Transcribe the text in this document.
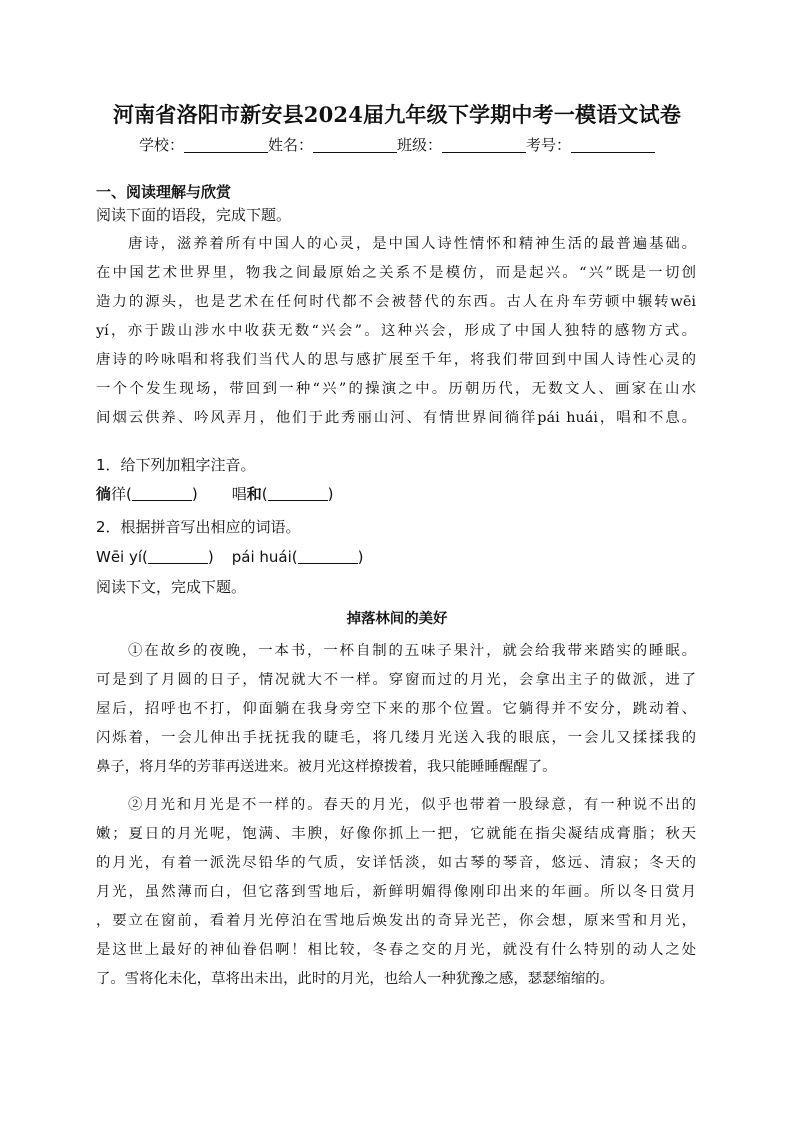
河南省洛阳市新安县2024届九年级下学期中考一模语文试卷
学校：	姓名：	班级：	考号：
一、阅读理解与欣赏
阅读下面的语段，完成下题。
唐诗，滋养着所有中国人的心灵，是中国人诗性情怀和精神生活的最普遍基础。
在中国艺术世界里，物我之间最原始之关系不是模仿，而是起兴。“兴”既是一切创
造力的源头，也是艺术在任何时代都不会被替代的东西。古人在舟车劳顿中辗转wēi
yí，亦于跋山涉水中收获无数“兴会”。这种兴会，形成了中国人独特的感物方式。
唐诗的吟咏唱和将我们当代人的思与感扩展至千年，将我们带回到中国人诗性心灵的
一个个发生现场，带回到一种“兴”的操演之中。历朝历代，无数文人、画家在山水
间烟云供养、吟风弄月，他们于此秀丽山河、有情世界间徜徉pái huái，唱和不息。
1．给下列加粗字注音。
徜徉(	) 唱和(	)
2．根据拼音写出相应的词语。
Wēi yí(	) pái huái(	)
阅读下文，完成下题。
掉落林间的美好
①在故乡的夜晚，一本书，一杯自制的五味子果汁，就会给我带来踏实的睡眠。
可是到了月圆的日子，情况就大不一样。穿窗而过的月光，会拿出主子的做派，进了
屋后，招呼也不打，仰面躺在我身旁空下来的那个位置。它躺得并不安分，跳动着、
闪烁着，一会儿伸出手抚抚我的睫毛，将几缕月光送入我的眼底，一会儿又揉揉我的
鼻子，将月华的芳菲再送进来。被月光这样撩拨着，我只能睡睡醒醒了。
②月光和月光是不一样的。春天的月光，似乎也带着一股绿意，有一种说不出的
嫩；夏日的月光呢，饱满、丰腴，好像你抓上一把，它就能在指尖凝结成膏脂；秋天
的月光，有着一派洗尽铅华的气质，安详恬淡，如古琴的琴音，悠远、清寂；冬天的
月光，虽然薄而白，但它落到雪地后，新鲜明媚得像刚印出来的年画。所以冬日赏月
，要立在窗前，看着月光停泊在雪地后焕发出的奇异光芒，你会想，原来雪和月光，
是这世上最好的神仙眷侣啊！相比较，冬春之交的月光，就没有什么特别的动人之处
了。雪将化未化，草将出未出，此时的月光，也给人一种犹豫之感，瑟瑟缩缩的。
